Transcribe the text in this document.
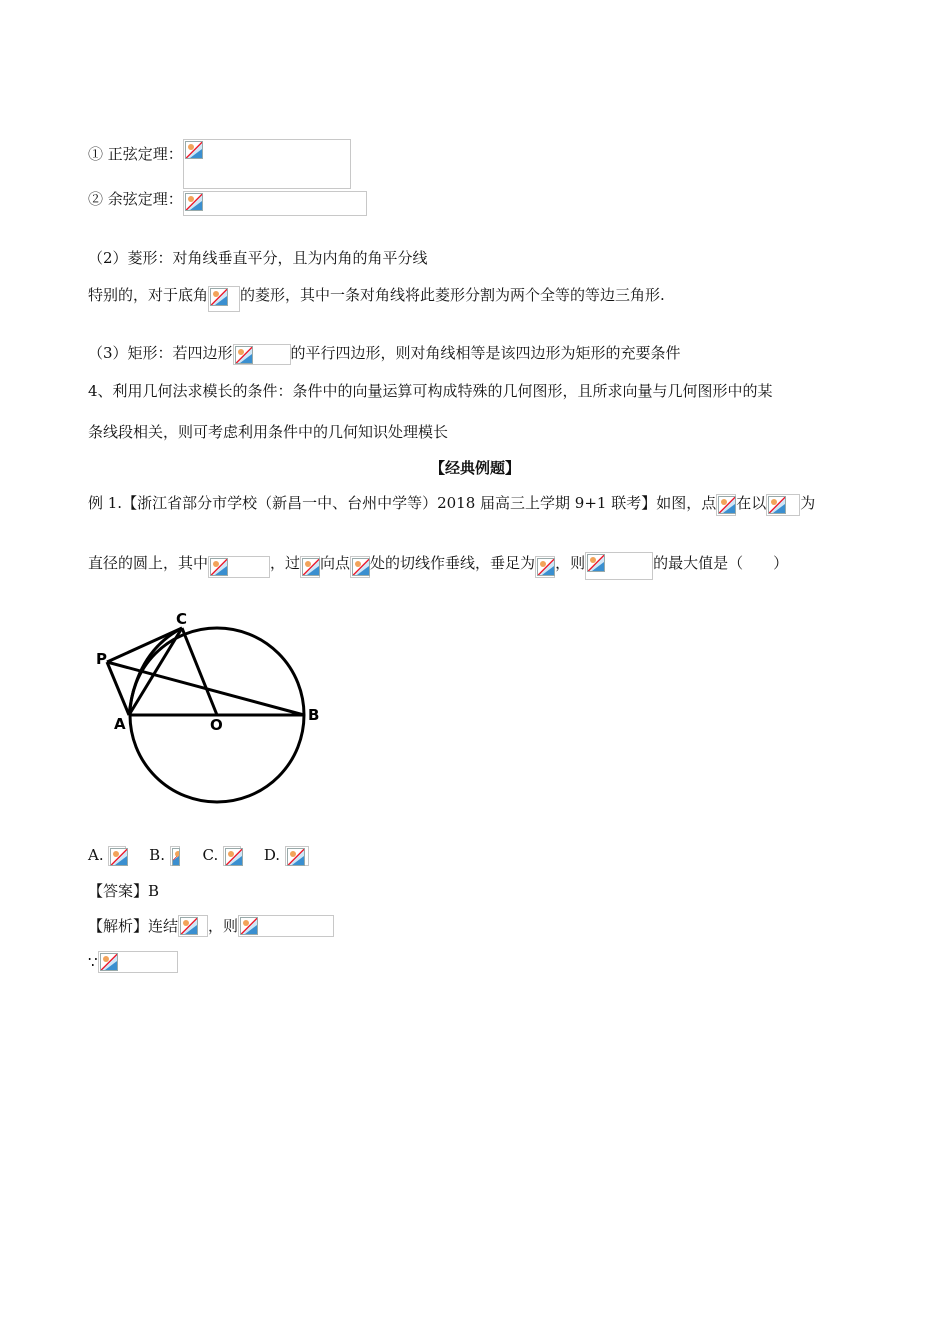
① 正弦定理：
② 余弦定理：
（2）菱形：对角线垂直平分，且为内角的角平分线
特别的，对于底角 的菱形，其中一条对角线将此菱形分割为两个全等的等边三角形.
（3）矩形：若四边形	的平行四边形，则对角线相等是该四边形为矩形的充要条件
4、利用几何法求模长的条件：条件中的向量运算可构成特殊的几何图形，且所求向量与几何图形中的某
条线段相关，则可考虑利用条件中的几何知识处理模长
【经典例题】
例 1.【浙江省部分市学校（新昌一中、台州中学等）2018 届高三上学期 9+1 联考】如图，点 在以 为
直径的圆上，其中	，过 向点 处的切线作垂线，垂足为 ，则	的最大值是（　　）
C
P
A	O
B
A.	B.	C.	D.
【答案】B
【解析】连结 ，则
∵
